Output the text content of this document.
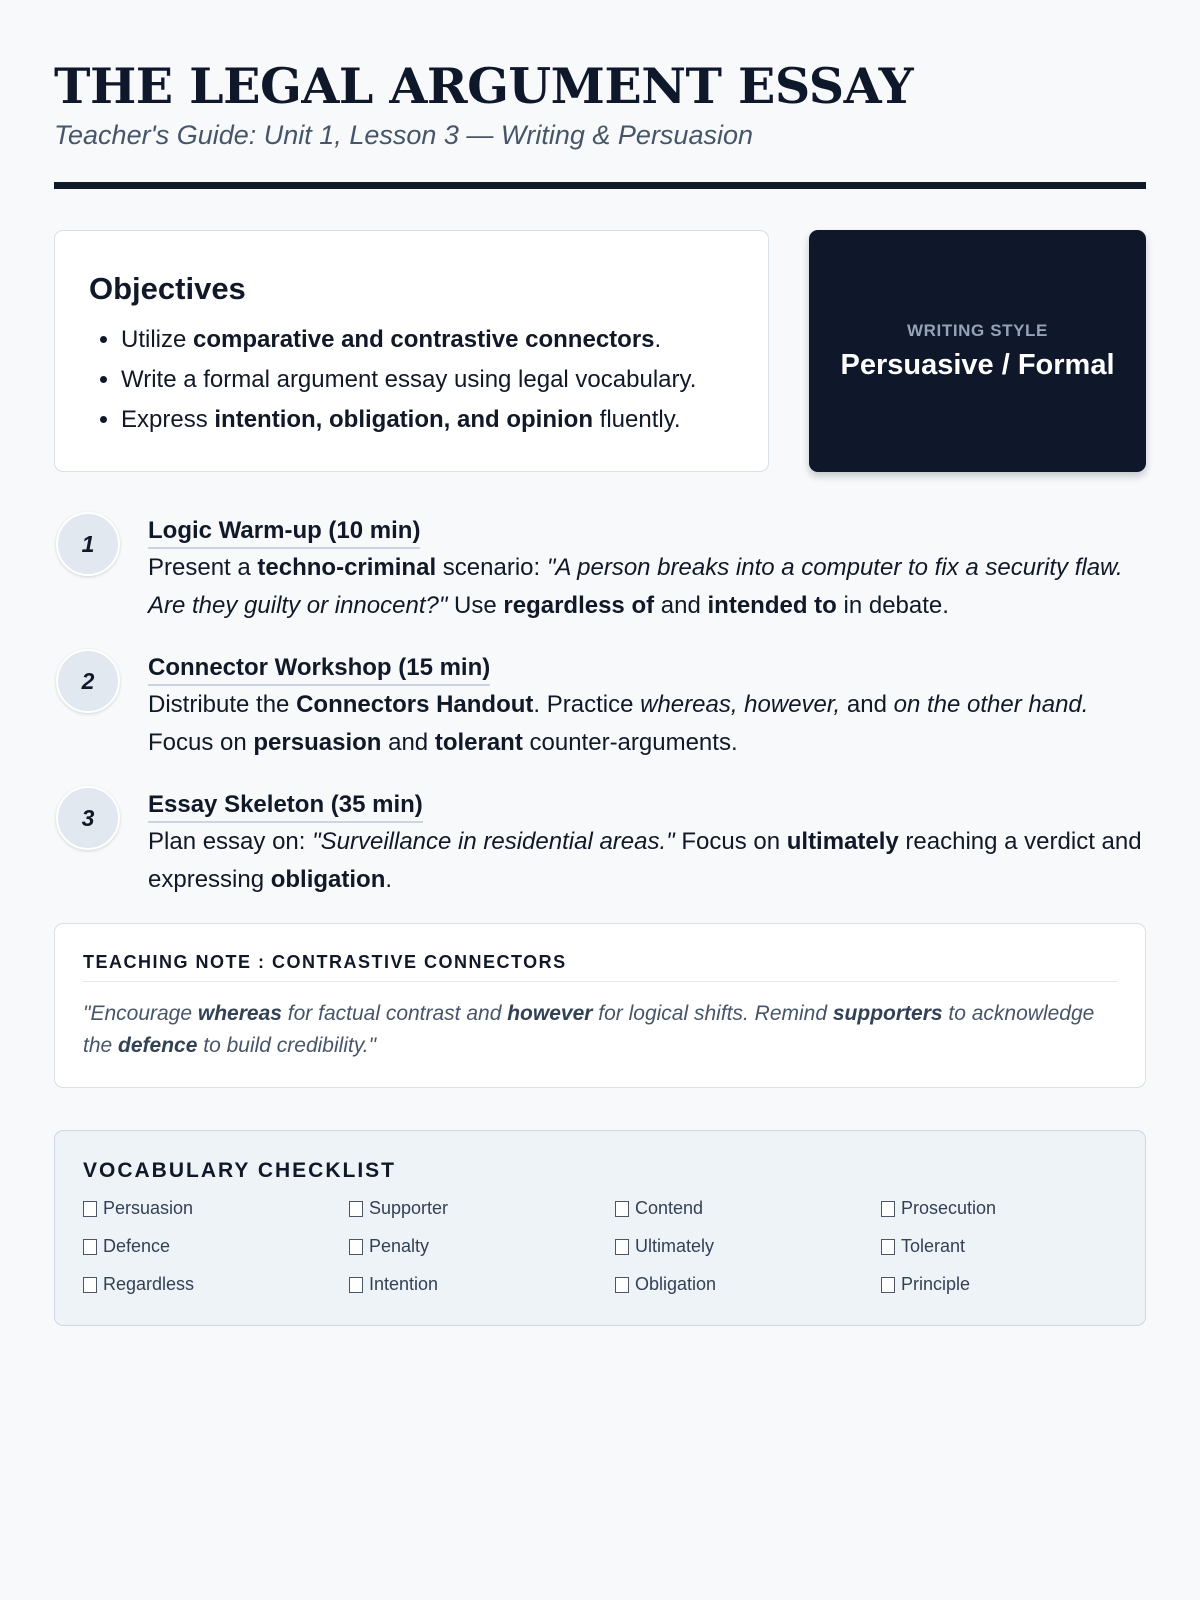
THE LEGAL ARGUMENT ESSAY

Teacher's Guide: Unit 1, Lesson 3 — Writing & Persuasion

Objectives
• Utilize comparative and contrastive connectors.
• Write a formal argument essay using legal vocabulary.
• Express intention, obligation, and opinion fluently.
WRITING STYLE
Persuasive / Formal
1	Logic Warm-up (10 min)
Present a techno-criminal scenario: "A person breaks into a computer to fix a security flaw. Are they guilty or innocent?" Use regardless of and intended to in debate.
2	Connector Workshop (15 min)
Distribute the Connectors Handout. Practice whereas, however, and on the other hand. Focus on persuasion and tolerant counter-arguments.
3	Essay Skeleton (35 min)
Plan essay on: "Surveillance in residential areas." Focus on ultimately reaching a verdict and expressing obligation.
TEACHING NOTE : CONTRASTIVE CONNECTORS
"Encourage whereas for factual contrast and however for logical shifts. Remind supporters to acknowledge the defence to build credibility."
VOCABULARY CHECKLIST
Persuasion	Supporter	Contend	Prosecution
Defence	Penalty	Ultimately	Tolerant
Regardless	Intention	Obligation	Principle
